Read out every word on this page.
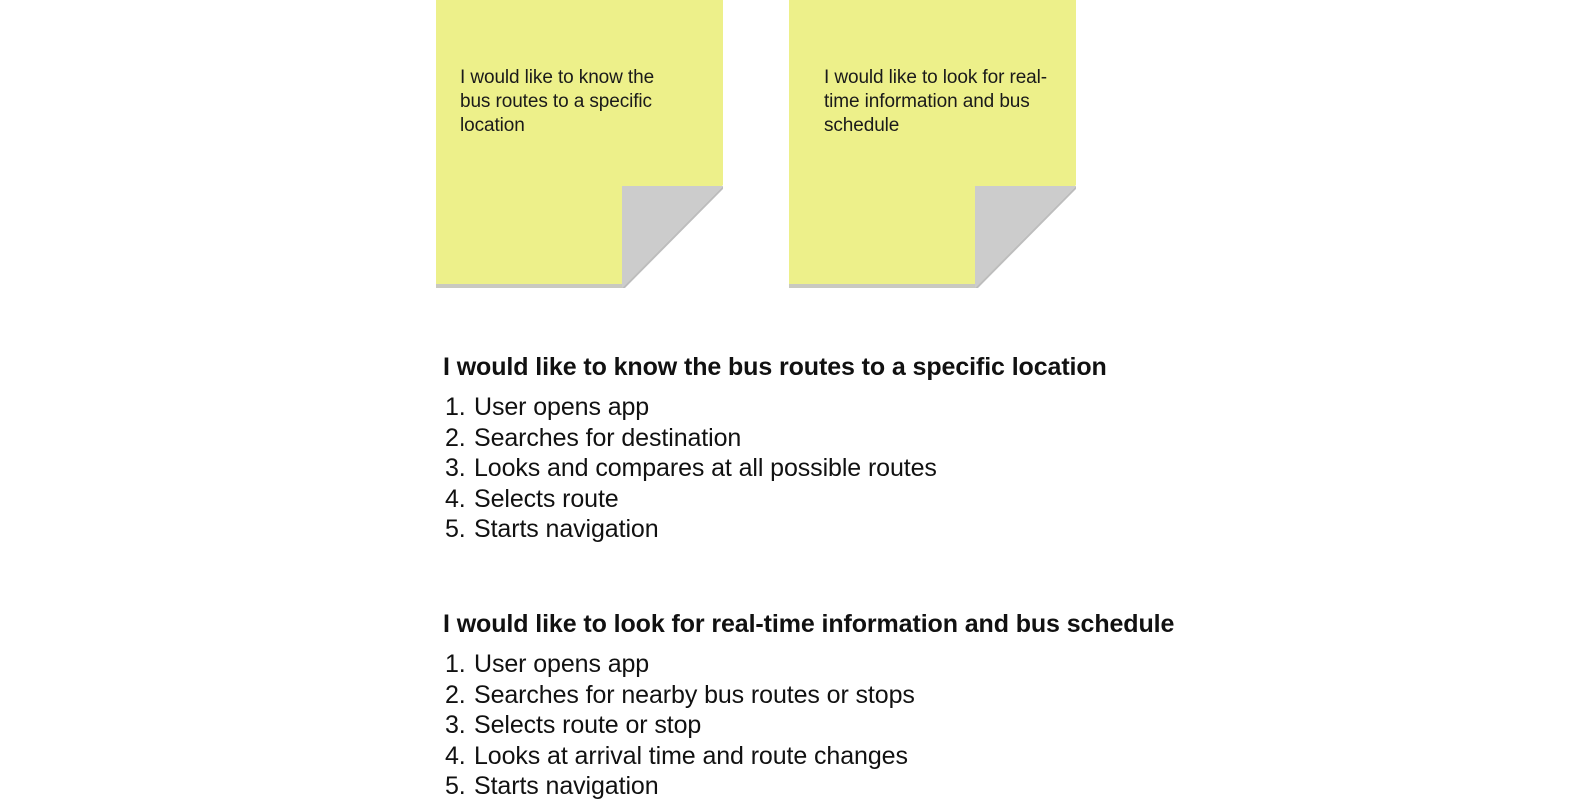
I would like to know the bus routes to a specific location
I would like to look for real-time information and bus schedule
I would like to know the bus routes to a specific location
1. User opens app
2. Searches for destination
3. Looks and compares at all possible routes
4. Selects route
5. Starts navigation
I would like to look for real-time information and bus schedule
1. User opens app
2. Searches for nearby bus routes or stops
3. Selects route or stop
4. Looks at arrival time and route changes
5. Starts navigation
